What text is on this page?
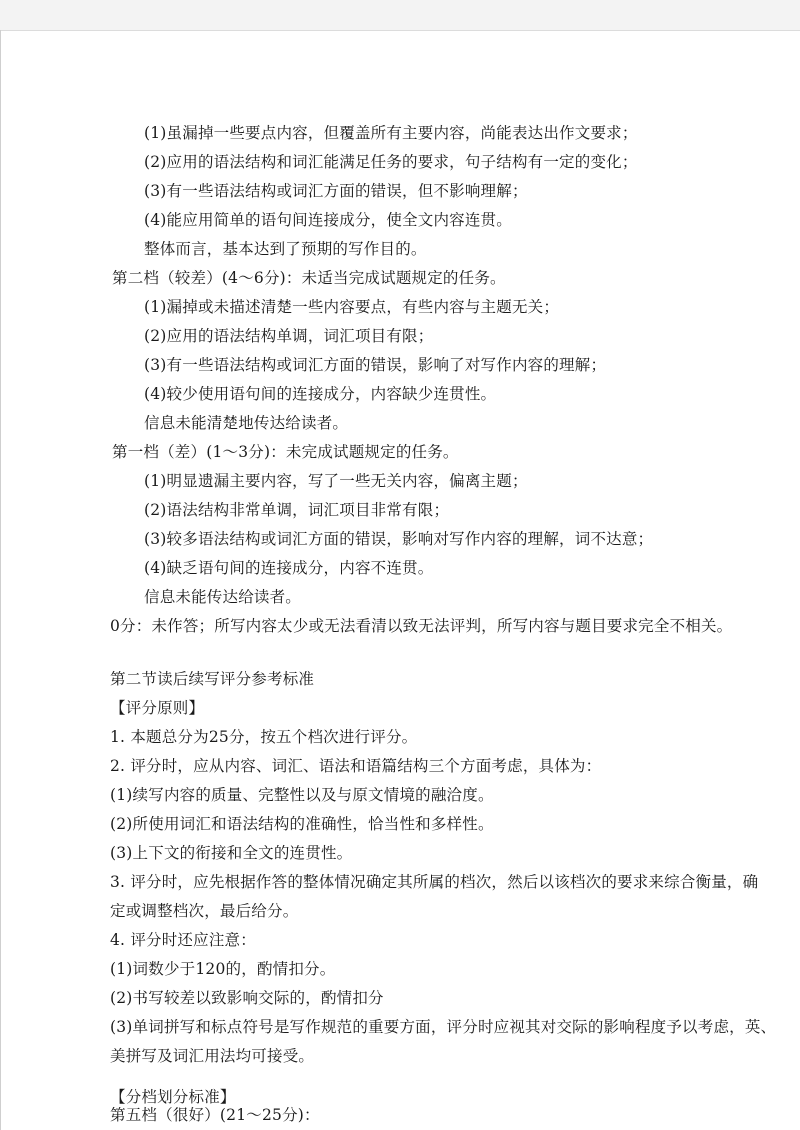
(1)虽漏掉一些要点内容，但覆盖所有主要内容，尚能表达出作文要求；
(2)应用的语法结构和词汇能满足任务的要求，句子结构有一定的变化；
(3)有一些语法结构或词汇方面的错误，但不影响理解；
(4)能应用简单的语句间连接成分，使全文内容连贯。
整体而言，基本达到了预期的写作目的。
第二档（较差）(4～6分)：未适当完成试题规定的任务。
(1)漏掉或未描述清楚一些内容要点，有些内容与主题无关；
(2)应用的语法结构单调，词汇项目有限；
(3)有一些语法结构或词汇方面的错误，影响了对写作内容的理解；
(4)较少使用语句间的连接成分，内容缺少连贯性。
信息未能清楚地传达给读者。
第一档（差）(1～3分)：未完成试题规定的任务。
(1)明显遗漏主要内容，写了一些无关内容，偏离主题；
(2)语法结构非常单调，词汇项目非常有限；
(3)较多语法结构或词汇方面的错误，影响对写作内容的理解，词不达意；
(4)缺乏语句间的连接成分，内容不连贯。
信息未能传达给读者。
0分：未作答；所写内容太少或无法看清以致无法评判，所写内容与题目要求完全不相关。
第二节读后续写评分参考标准
【评分原则】
1. 本题总分为25分，按五个档次进行评分。
2. 评分时，应从内容、词汇、语法和语篇结构三个方面考虑，具体为：
(1)续写内容的质量、完整性以及与原文情境的融洽度。
(2)所使用词汇和语法结构的准确性，恰当性和多样性。
(3)上下文的衔接和全文的连贯性。
3. 评分时，应先根据作答的整体情况确定其所属的档次，然后以该档次的要求来综合衡量，确
定或调整档次，最后给分。
4. 评分时还应注意：
(1)词数少于120的，酌情扣分。
(2)书写较差以致影响交际的，酌情扣分
(3)单词拼写和标点符号是写作规范的重要方面，评分时应视其对交际的影响程度予以考虑，英、
美拼写及词汇用法均可接受。
【分档划分标准】
第五档（很好）(21～25分)：
